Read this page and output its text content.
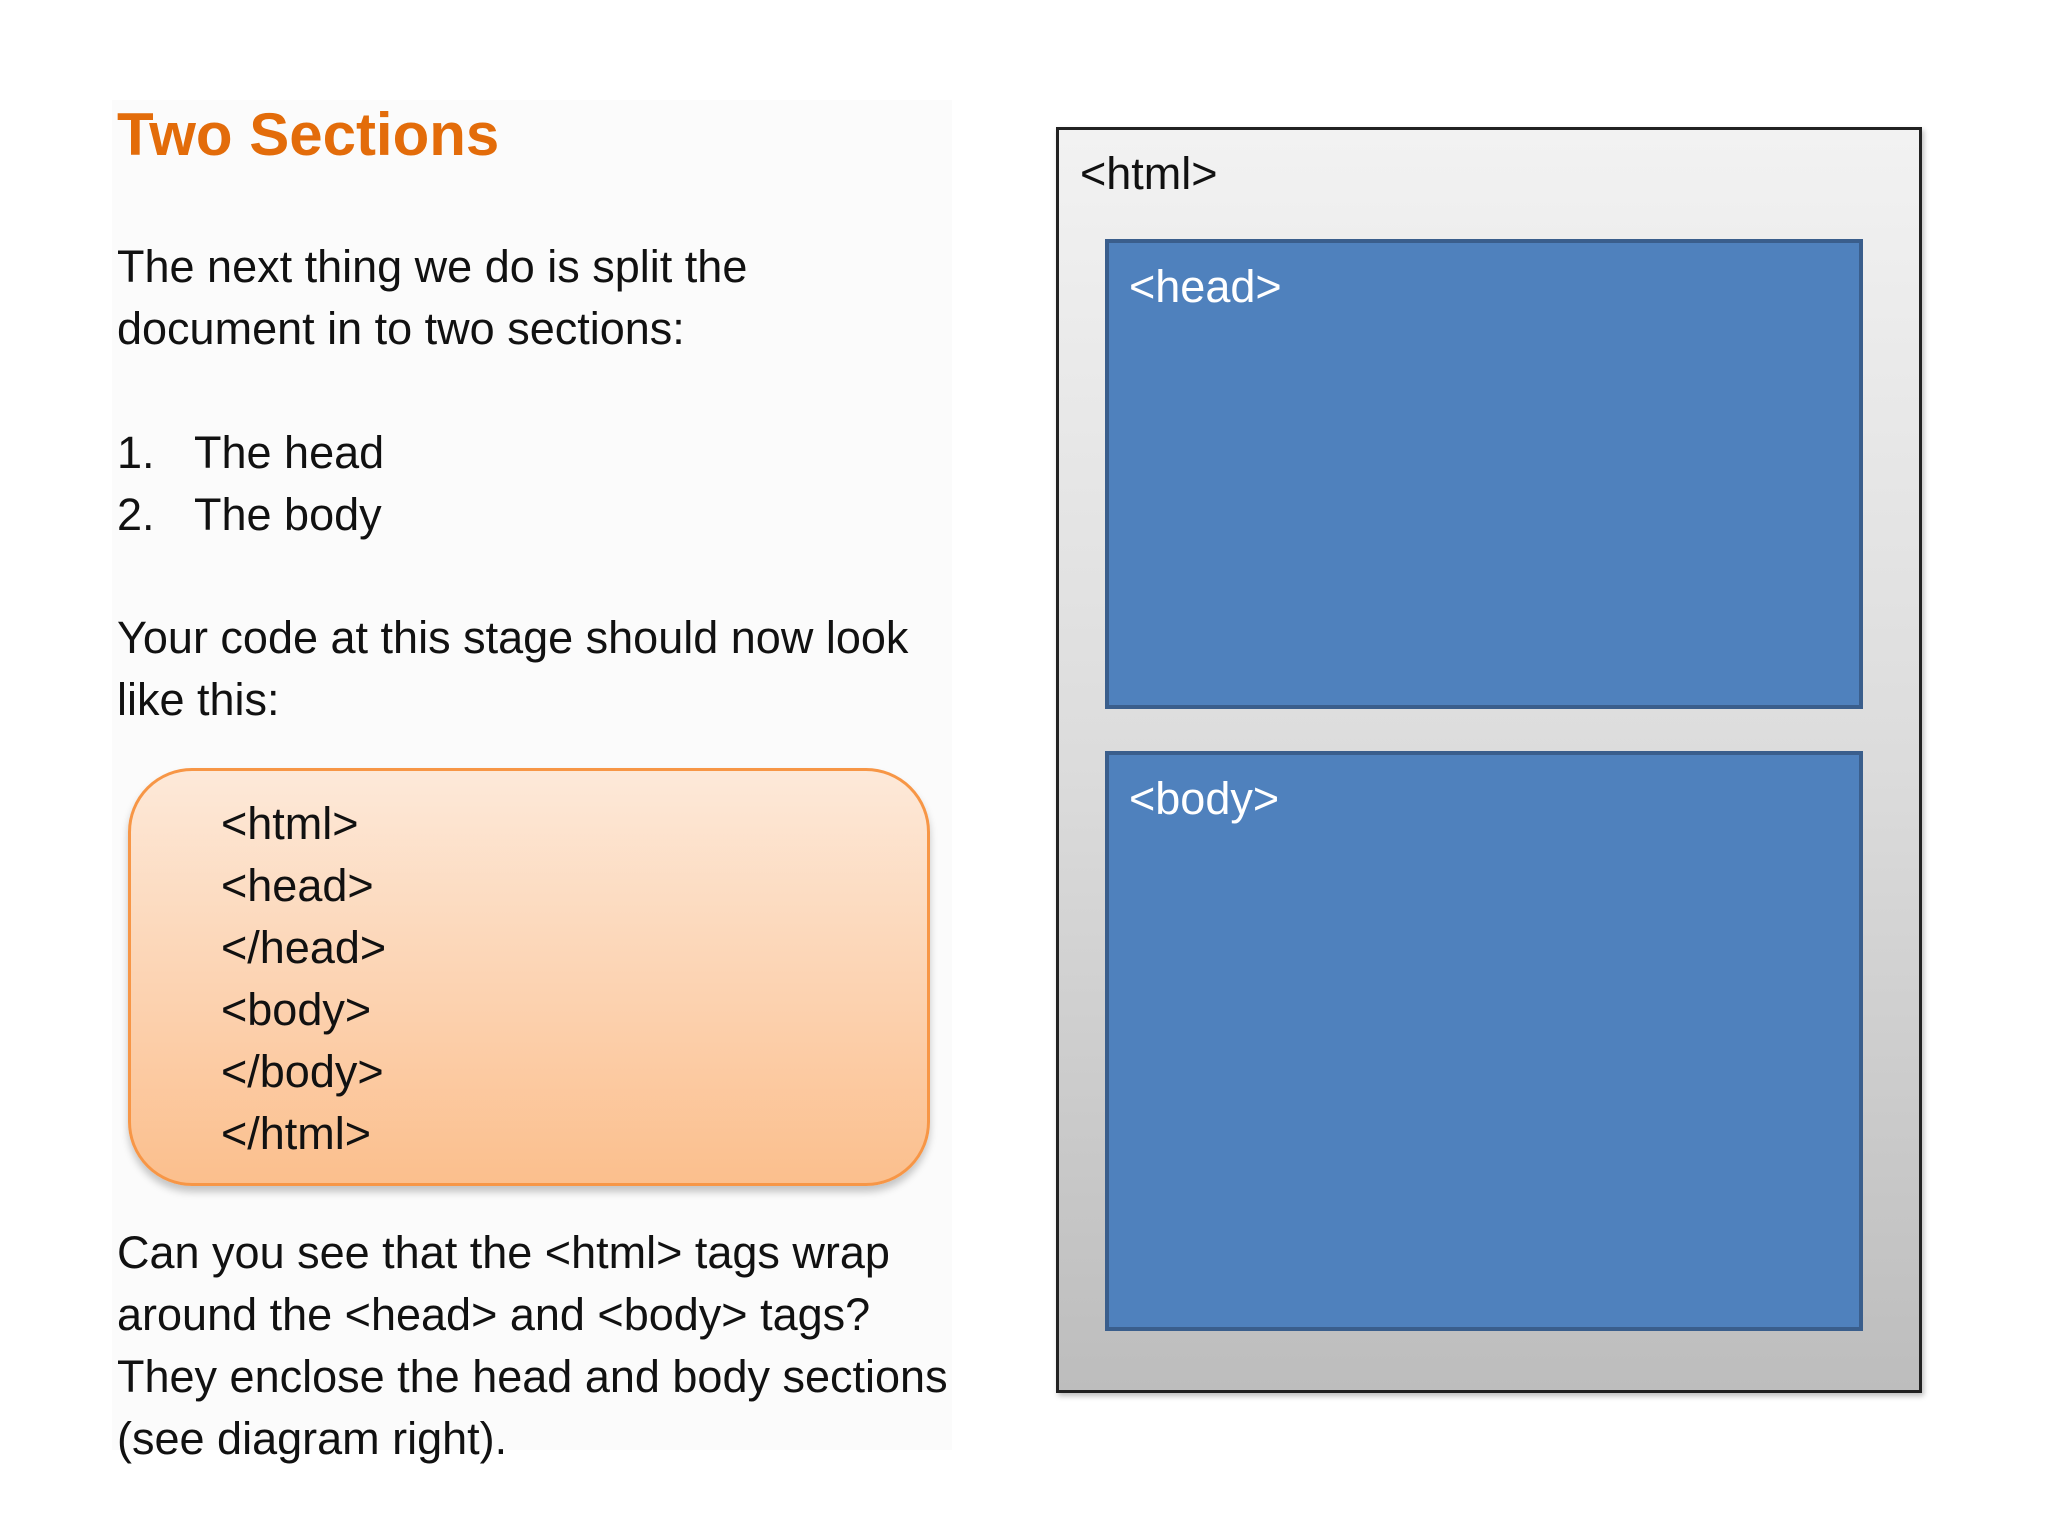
Two Sections

The next thing we do is split the document in to two sections:

1. The head
2. The body

Your code at this stage should now look like this:

<html>
<head>
</head>
<body>
</body>
</html>

Can you see that the <html> tags wrap around the <head> and <body> tags? They enclose the head and body sections (see diagram right).

<html>
<head>
<body>
